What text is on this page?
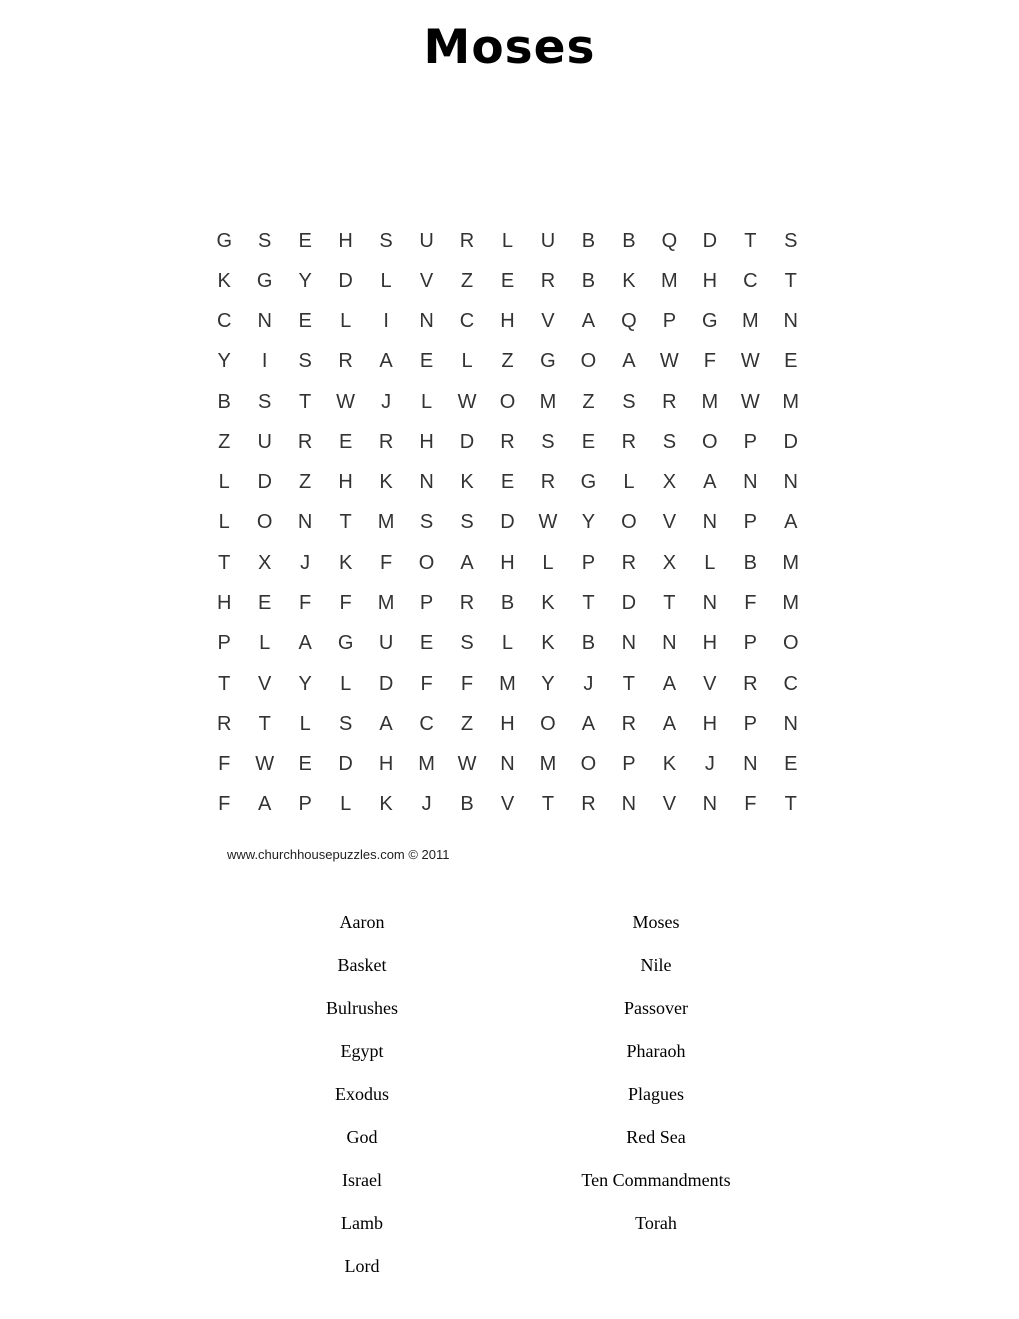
Moses
G	S	E	H	S	U	R	L	U	B	B	Q	D	T	S
K	G	Y	D	L	V	Z	E	R	B	K	M	H	C	T
C	N	E	L	I	N	C	H	V	A	Q	P	G	M	N
Y	I	S	R	A	E	L	Z	G	O	A	W	F	W	E
B	S	T	W	J	L	W	O	M	Z	S	R	M	W	M
Z	U	R	E	R	H	D	R	S	E	R	S	O	P	D
L	D	Z	H	K	N	K	E	R	G	L	X	A	N	N
L	O	N	T	M	S	S	D	W	Y	O	V	N	P	A
T	X	J	K	F	O	A	H	L	P	R	X	L	B	M
H	E	F	F	M	P	R	B	K	T	D	T	N	F	M
P	L	A	G	U	E	S	L	K	B	N	N	H	P	O
T	V	Y	L	D	F	F	M	Y	J	T	A	V	R	C
R	T	L	S	A	C	Z	H	O	A	R	A	H	P	N
F	W	E	D	H	M	W	N	M	O	P	K	J	N	E
F	A	P	L	K	J	B	V	T	R	N	V	N	F	T
www.churchhousepuzzles.com © 2011
Aaron
Basket
Bulrushes
Egypt
Exodus
God
Israel
Lamb
Lord
Moses
Nile
Passover
Pharaoh
Plagues
Red Sea
Ten Commandments
Torah
